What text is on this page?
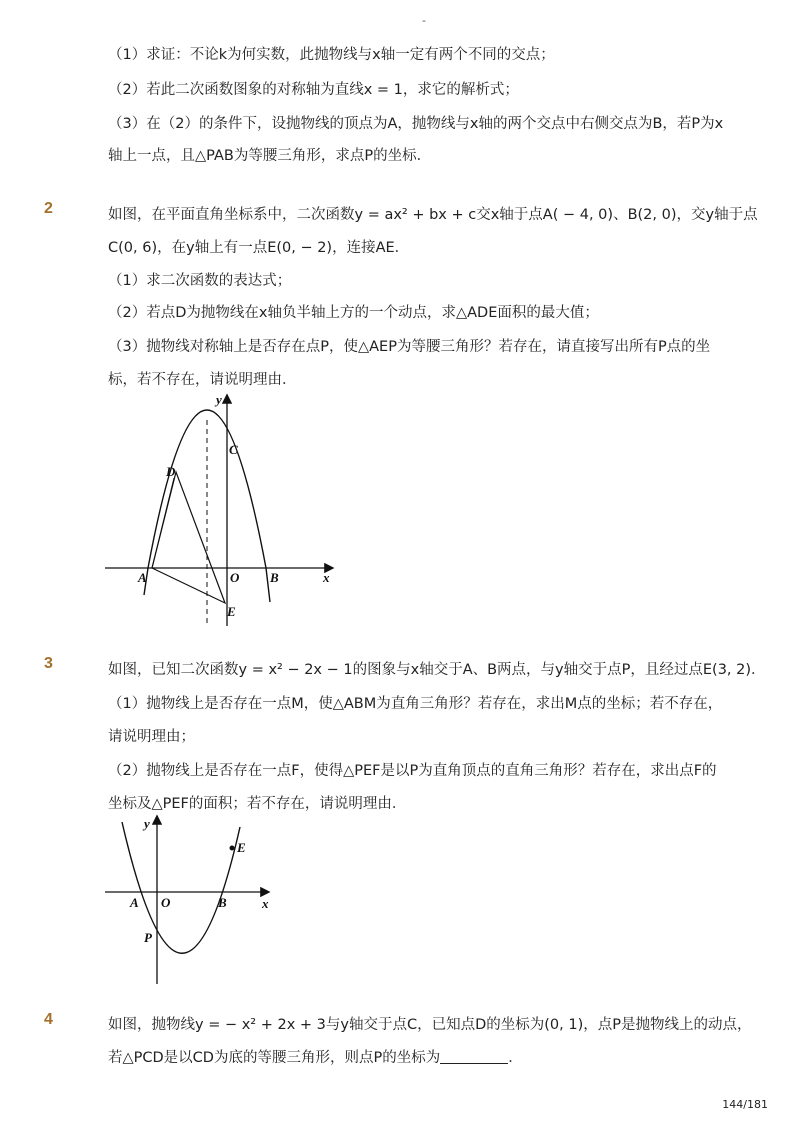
-
（1）求证：不论k为何实数，此抛物线与x轴一定有两个不同的交点；
（2）若此二次函数图象的对称轴为直线x = 1，求它的解析式；
（3）在（2）的条件下，设抛物线的顶点为A，抛物线与x轴的两个交点中右侧交点为B，若P为x
轴上一点，且△PAB为等腰三角形，求点P的坐标．
2	如图，在平面直角坐标系中，二次函数y = ax² + bx + c交x轴于点A( − 4, 0)、B(2, 0)，交y轴于点
C(0, 6)，在y轴上有一点E(0, − 2)，连接AE．
（1）求二次函数的表达式；
（2）若点D为抛物线在x轴负半轴上方的一个动点，求△ADE面积的最大值；
（3）抛物线对称轴上是否存在点P，使△AEP为等腰三角形？若存在，请直接写出所有P点的坐
标，若不存在，请说明理由．
y
x
C
D
A	O B
E
3	如图，已知二次函数y = x² − 2x − 1的图象与x轴交于A、B两点，与y轴交于点P，且经过点E(3, 2)．
（1）抛物线上是否存在一点M，使△ABM为直角三角形？若存在，求出M点的坐标；若不存在，
请说明理由；
（2）抛物线上是否存在一点F，使得△PEF是以P为直角顶点的直角三角形？若存在，求出点F的
坐标及△PEF的面积；若不存在，请说明理由．
y
x
E
A O	B
P
4	如图，抛物线y = − x² + 2x + 3与y轴交于点C，已知点D的坐标为(0, 1)，点P是抛物线上的动点，
若△PCD是以CD为底的等腰三角形，则点P的坐标为	．
144/181
